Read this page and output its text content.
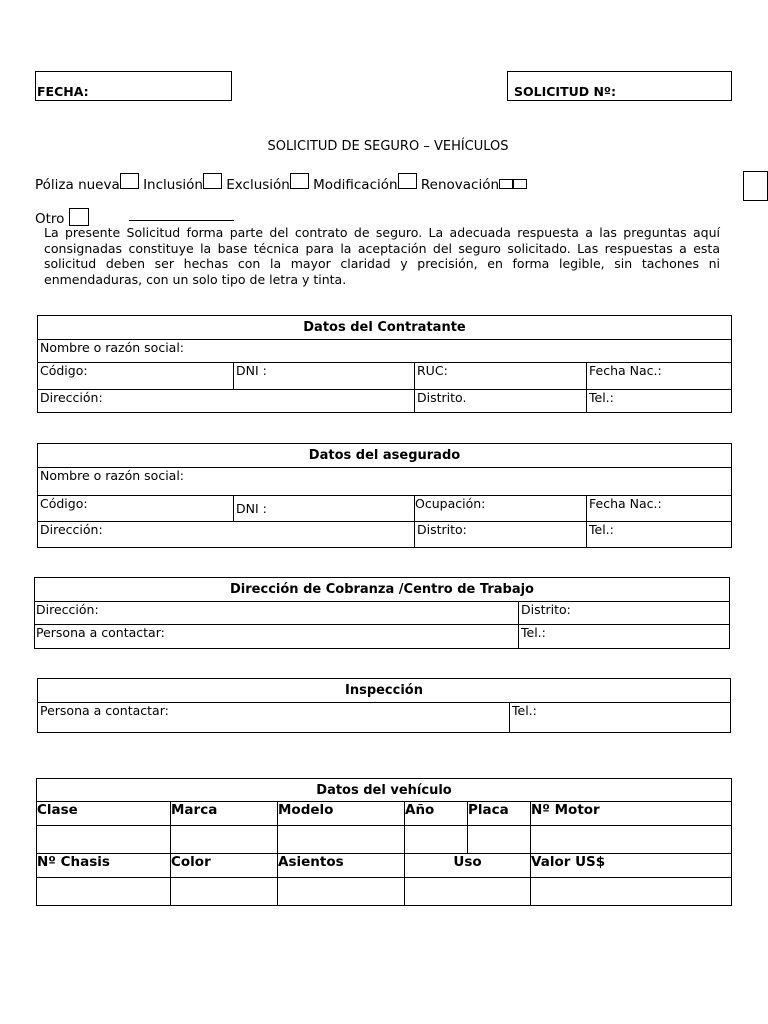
FECHA:	SOLICITUD Nº:
SOLICITUD DE SEGURO – VEHÍCULOS
Póliza nueva Inclusión Exclusión Modificación Renovación
Otro
La presente Solicitud forma parte del contrato de seguro. La adecuada respuesta a las preguntas aquí consignadas constituye la base técnica para la aceptación del seguro solicitado. Las respuestas a esta solicitud deben ser hechas con la mayor claridad y precisión, en forma legible, sin tachones ni enmendaduras, con un solo tipo de letra y tinta.
Datos del Contratante			
Nombre o razón social:			
Código:	DNI :	RUC:	Fecha Nac.:
Dirección:		Distrito.	Tel.:
Datos del asegurado			
Nombre o razón social:			
Código:	DNI :	Ocupación:	Fecha Nac.:
Dirección:		Distrito:	Tel.:
Dirección de Cobranza /Centro de Trabajo	
Dirección:	Distrito:
Persona a contactar:	Tel.:
Inspección
Persona a contactar:	Tel.:
Datos del vehículo					
Clase	Marca	Modelo	Año	Placa	Nº Motor

Nº Chasis	Color	Asientos	Uso		Valor US$
